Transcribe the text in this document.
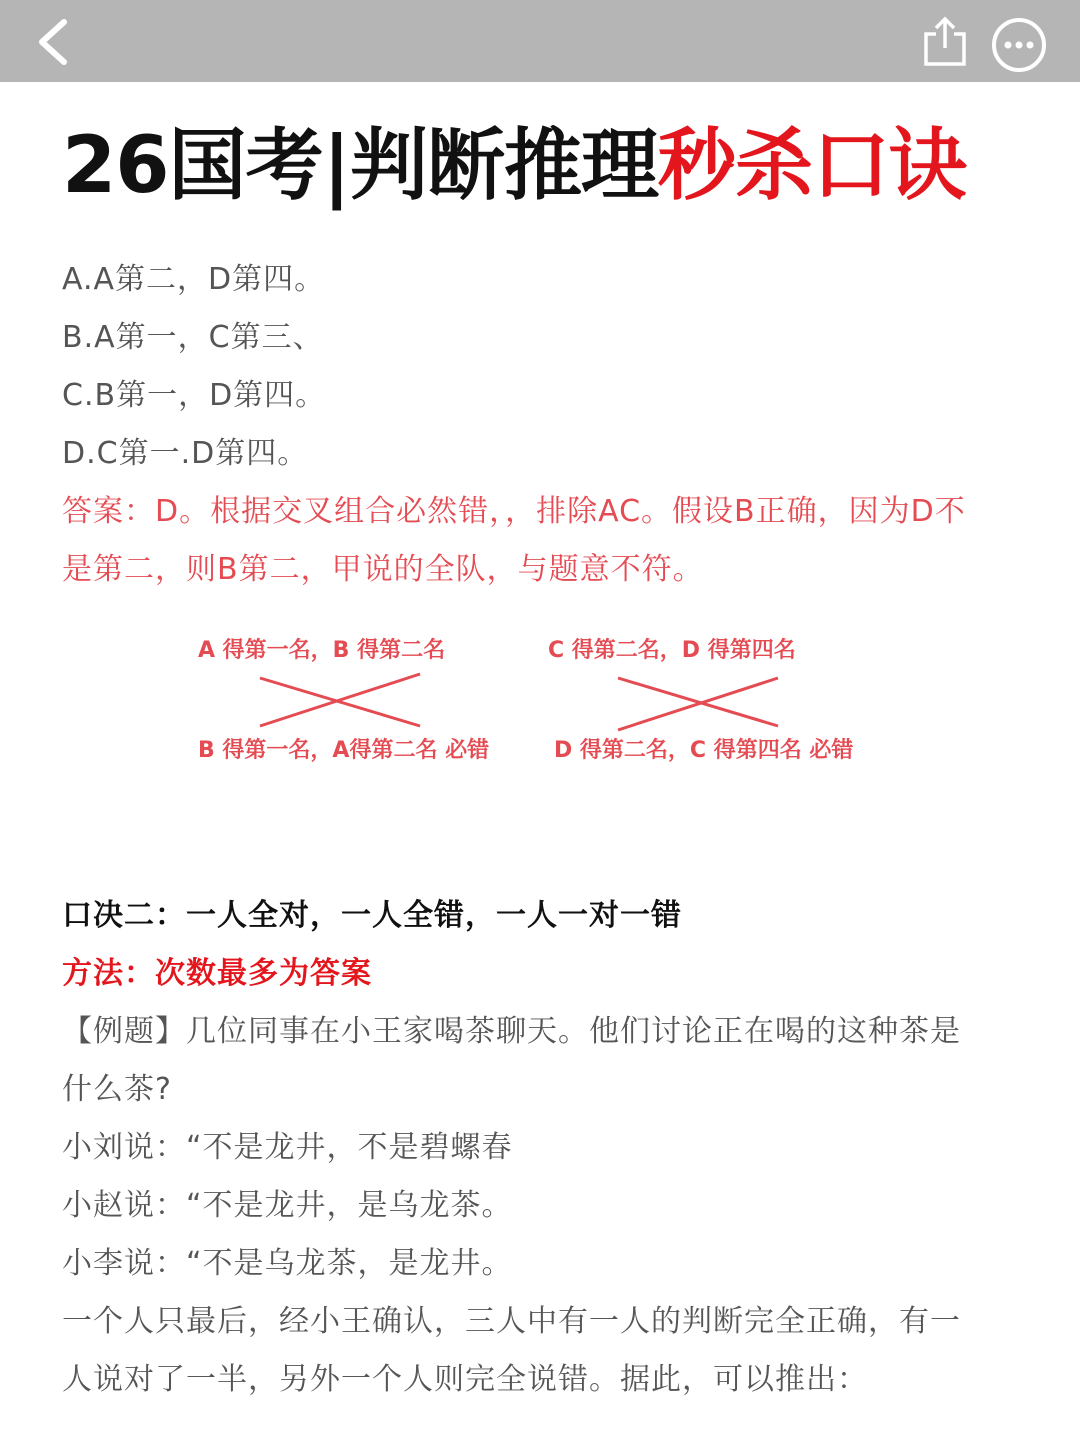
26国考|判断推理秒杀口诀
A.A第二，D第四。
B.A第一，C第三、
C.B第一，D第四。
D.C第一.D第四。
答案：D。根据交叉组合必然错，，排除AC。假设B正确，因为D不
是第二，则B第二，甲说的全队，与题意不符。
A 得第一名，B 得第二名
B 得第一名，A得第二名 必错
C 得第二名，D 得第四名
D 得第二名，C 得第四名 必错
口决二：一人全对，一人全错，一人一对一错
方法：次数最多为答案
【例题】几位同事在小王家喝茶聊天。他们讨论正在喝的这种茶是
什么茶?
小刘说：“不是龙井，不是碧螺春
小赵说：“不是龙井，是乌龙茶。
小李说：“不是乌龙茶，是龙井。
一个人只最后，经小王确认，三人中有一人的判断完全正确，有一
人说对了一半，另外一个人则完全说错。据此，可以推出：
